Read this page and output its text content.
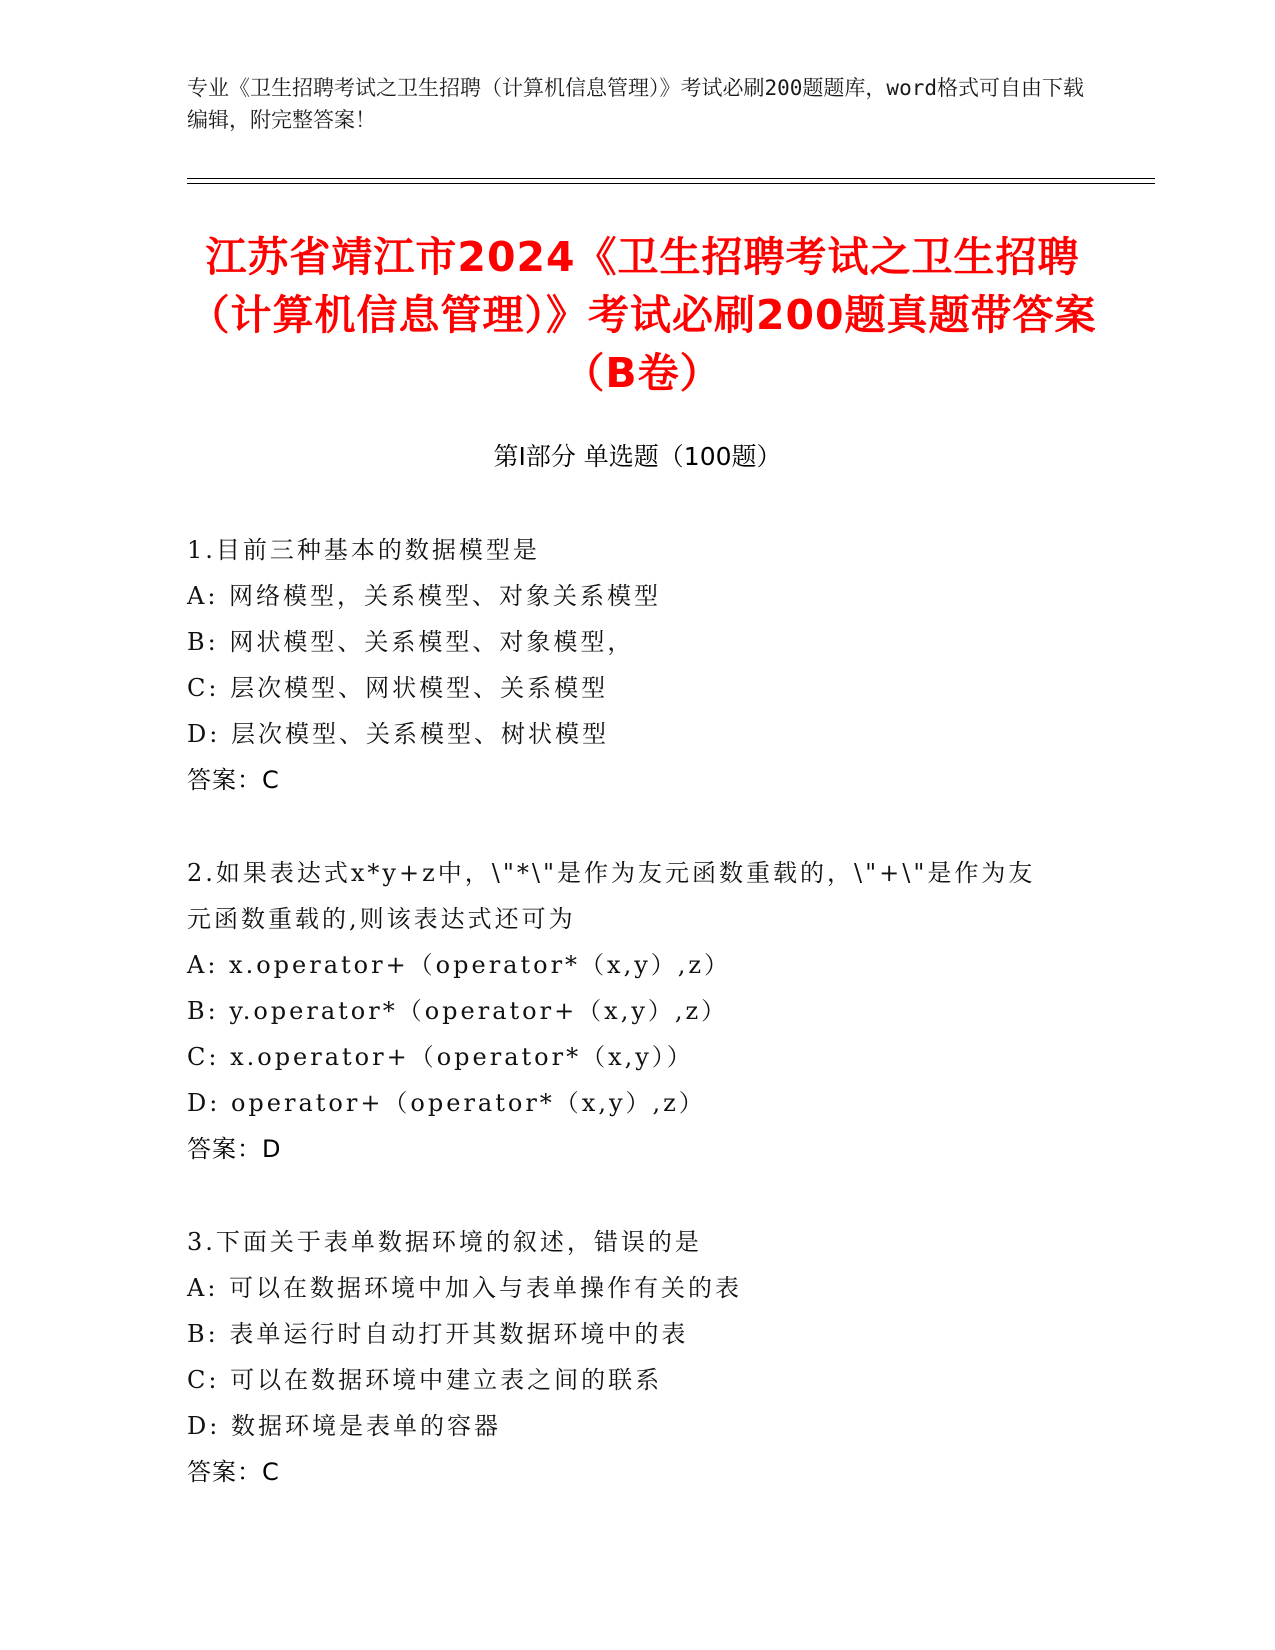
专业《卫生招聘考试之卫生招聘（计算机信息管理）》考试必刷200题题库，word格式可自由下载编辑，附完整答案！
江苏省靖江市2024《卫生招聘考试之卫生招聘（计算机信息管理）》考试必刷200题真题带答案（B卷）
第Ⅰ部分 单选题（100题）
1.目前三种基本的数据模型是
A: 网络模型，关系模型、对象关系模型
B: 网状模型、关系模型、对象模型，
C: 层次模型、网状模型、关系模型
D: 层次模型、关系模型、树状模型
答案：C
2.如果表达式x*y+z中，\"*\"是作为友元函数重载的，\"+\"是作为友元函数重载的,则该表达式还可为
A: x.operator+（operator*（x,y）,z）
B: y.operator*（operator+（x,y）,z）
C: x.operator+（operator*（x,y））
D: operator+（operator*（x,y）,z）
答案：D
3.下面关于表单数据环境的叙述，错误的是
A: 可以在数据环境中加入与表单操作有关的表
B: 表单运行时自动打开其数据环境中的表
C: 可以在数据环境中建立表之间的联系
D: 数据环境是表单的容器
答案：C
